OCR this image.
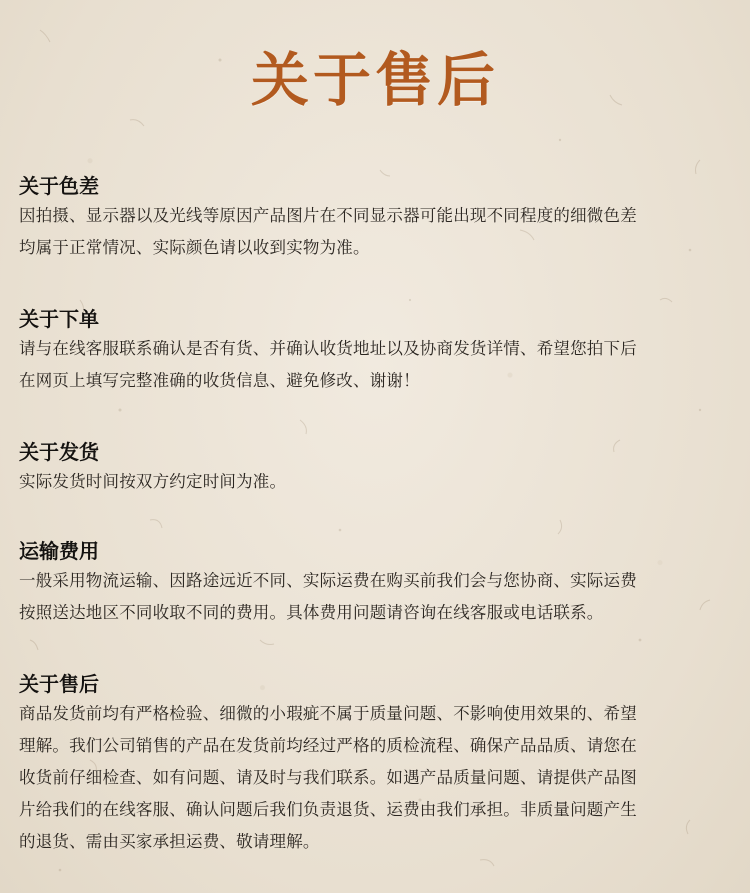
关于售后
关于色差

因拍摄、显示器以及光线等原因产品图片在不同显示器可能出现不同程度的细微色差
均属于正常情况、实际颜色请以收到实物为准。

关于下单

请与在线客服联系确认是否有货、并确认收货地址以及协商发货详情、希望您拍下后
在网页上填写完整准确的收货信息、避免修改、谢谢！

关于发货

实际发货时间按双方约定时间为准。

运输费用

一般采用物流运输、因路途远近不同、实际运费在购买前我们会与您协商、实际运费
按照送达地区不同收取不同的费用。具体费用问题请咨询在线客服或电话联系。

关于售后

商品发货前均有严格检验、细微的小瑕疵不属于质量问题、不影响使用效果的、希望
理解。我们公司销售的产品在发货前均经过严格的质检流程、确保产品品质、请您在
收货前仔细检查、如有问题、请及时与我们联系。如遇产品质量问题、请提供产品图
片给我们的在线客服、确认问题后我们负责退货、运费由我们承担。非质量问题产生
的退货、需由买家承担运费、敬请理解。
